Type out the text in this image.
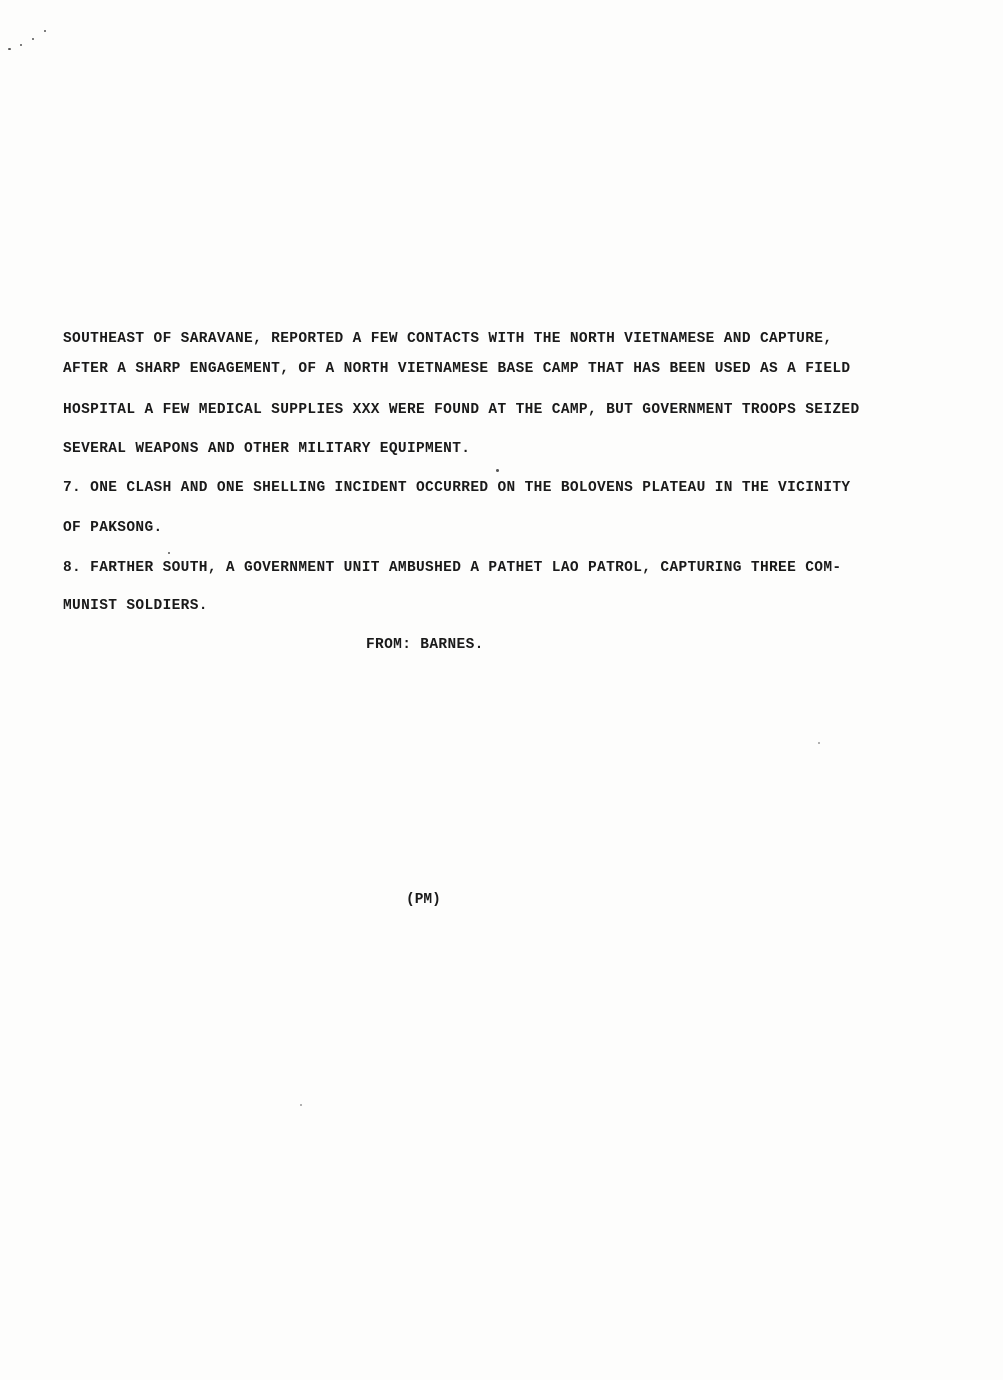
SOUTHEAST OF SARAVANE, REPORTED A FEW CONTACTS WITH THE NORTH VIETNAMESE AND CAPTURE,
AFTER A SHARP ENGAGEMENT, OF A NORTH VIETNAMESE BASE CAMP THAT HAS BEEN USED AS A FIELD
HOSPITAL A FEW MEDICAL SUPPLIES XXX WERE FOUND AT THE CAMP, BUT GOVERNMENT TROOPS SEIZED
SEVERAL WEAPONS AND OTHER MILITARY EQUIPMENT.
7. ONE CLASH AND ONE SHELLING INCIDENT OCCURRED ON THE BOLOVENS PLATEAU IN THE VICINITY
OF PAKSONG.
8. FARTHER SOUTH, A GOVERNMENT UNIT AMBUSHED A PATHET LAO PATROL, CAPTURING THREE COM-
MUNIST SOLDIERS.
FROM: BARNES.
(PM)
